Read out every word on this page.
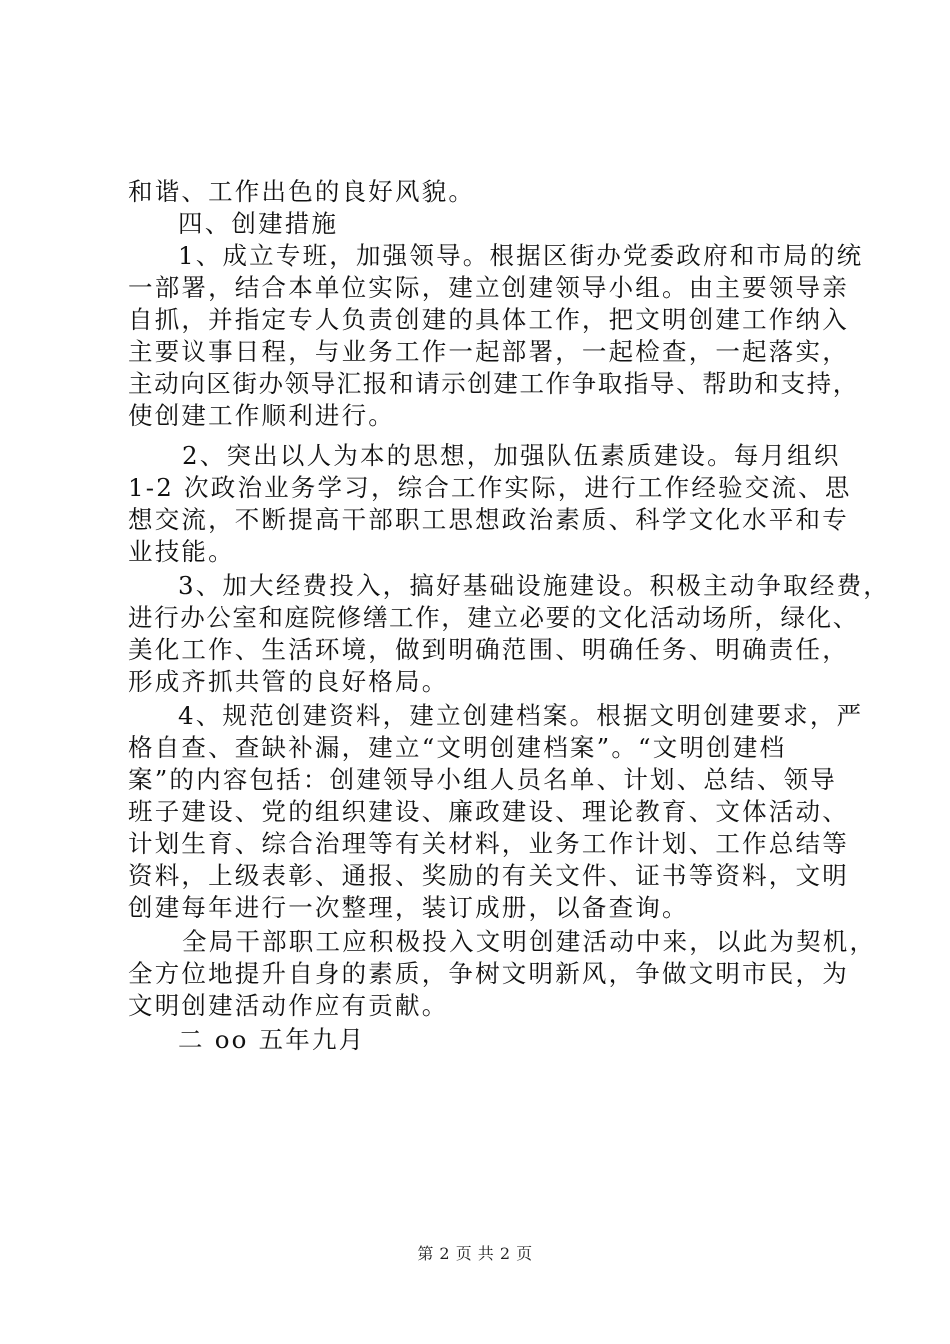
和谐、工作出色的良好风貌。
四、创建措施
1、成立专班，加强领导。根据区街办党委政府和市局的统
一部署，结合本单位实际，建立创建领导小组。由主要领导亲
自抓，并指定专人负责创建的具体工作，把文明创建工作纳入
主要议事日程，与业务工作一起部署，一起检查，一起落实，
主动向区街办领导汇报和请示创建工作争取指导、帮助和支持，
使创建工作顺利进行。
2、突出以人为本的思想，加强队伍素质建设。每月组织
1-2 次政治业务学习，综合工作实际，进行工作经验交流、思
想交流，不断提高干部职工思想政治素质、科学文化水平和专
业技能。
3、加大经费投入，搞好基础设施建设。积极主动争取经费，
进行办公室和庭院修缮工作，建立必要的文化活动场所，绿化、
美化工作、生活环境，做到明确范围、明确任务、明确责任，
形成齐抓共管的良好格局。
4、规范创建资料，建立创建档案。根据文明创建要求，严
格自查、查缺补漏，建立“文明创建档案”。“文明创建档
案”的内容包括：创建领导小组人员名单、计划、总结、领导
班子建设、党的组织建设、廉政建设、理论教育、文体活动、
计划生育、综合治理等有关材料，业务工作计划、工作总结等
资料，上级表彰、通报、奖励的有关文件、证书等资料，文明
创建每年进行一次整理，装订成册，以备查询。
全局干部职工应积极投入文明创建活动中来，以此为契机，
全方位地提升自身的素质，争树文明新风，争做文明市民，为
文明创建活动作应有贡献。
二 oo 五年九月
第 2 页 共 2 页
